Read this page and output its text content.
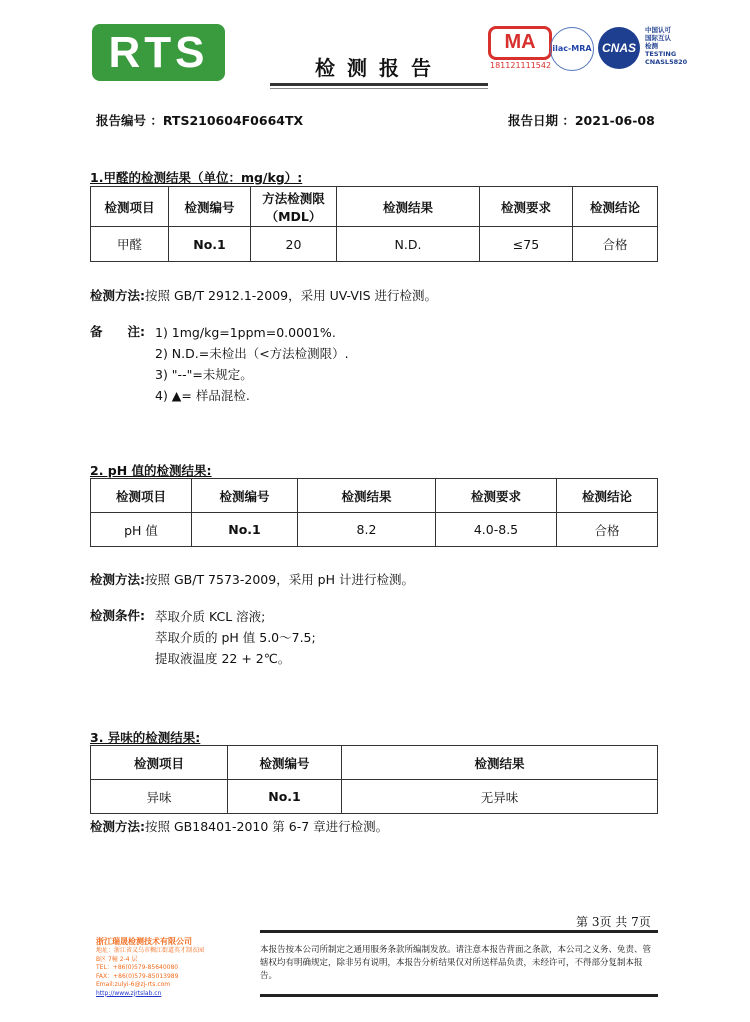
RTS	检测报告
MA
181121111542
ilac-MRA CNAS
中国认可
国际互认
检测
TESTING
CNASL5820
报告编号 ：RTS210604F0664TX	报告日期 ：2021-06-08
1.甲醛的检测结果（单位：mg/kg）:
检测项目	检测编号	方法检测限（MDL）	检测结果	检测要求	检测结论
甲醛	No.1	20	N.D.	≤75	合格
检测方法:按照 GB/T 2912.1-2009，采用 UV-VIS 进行检测。
备　　注: 1) 1mg/kg=1ppm=0.0001%.
2) N.D.=未检出（<方法检测限）.
3) "--"=未规定。
4) ▲= 样品混检.
2. pH 值的检测结果:
检测项目	检测编号	检测结果	检测要求	检测结论
pH 值	No.1	8.2	4.0-8.5	合格
检测方法:按照 GB/T 7573-2009，采用 pH 计进行检测。
检测条件: 萃取介质 KCL 溶液;
萃取介质的 pH 值 5.0～7.5;
提取液温度 22 + 2℃。
3. 异味的检测结果:
检测项目	检测编号	检测结果
异味	No.1	无异味
检测方法:按照 GB18401-2010 第 6-7 章进行检测。
第 3页 共 7页
本报告按本公司所制定之通用服务条款所编制发放。请注意本报告背面之条款，本公司之义务、免责、管辖权均有明确规定，除非另有说明，本报告分析结果仅对所送样品负责，未经许可，不得部分复制本报告。
浙江瑞晟检测技术有限公司
地址：浙江省义乌市稠江街道英才制衣园
B区 7幢 2-4 层
TEL：+86(0)579-85640080
FAX：+86(0)579-85013989
Email:zulyi-6@zj-rts.com
http://www.zjrtslab.cn
